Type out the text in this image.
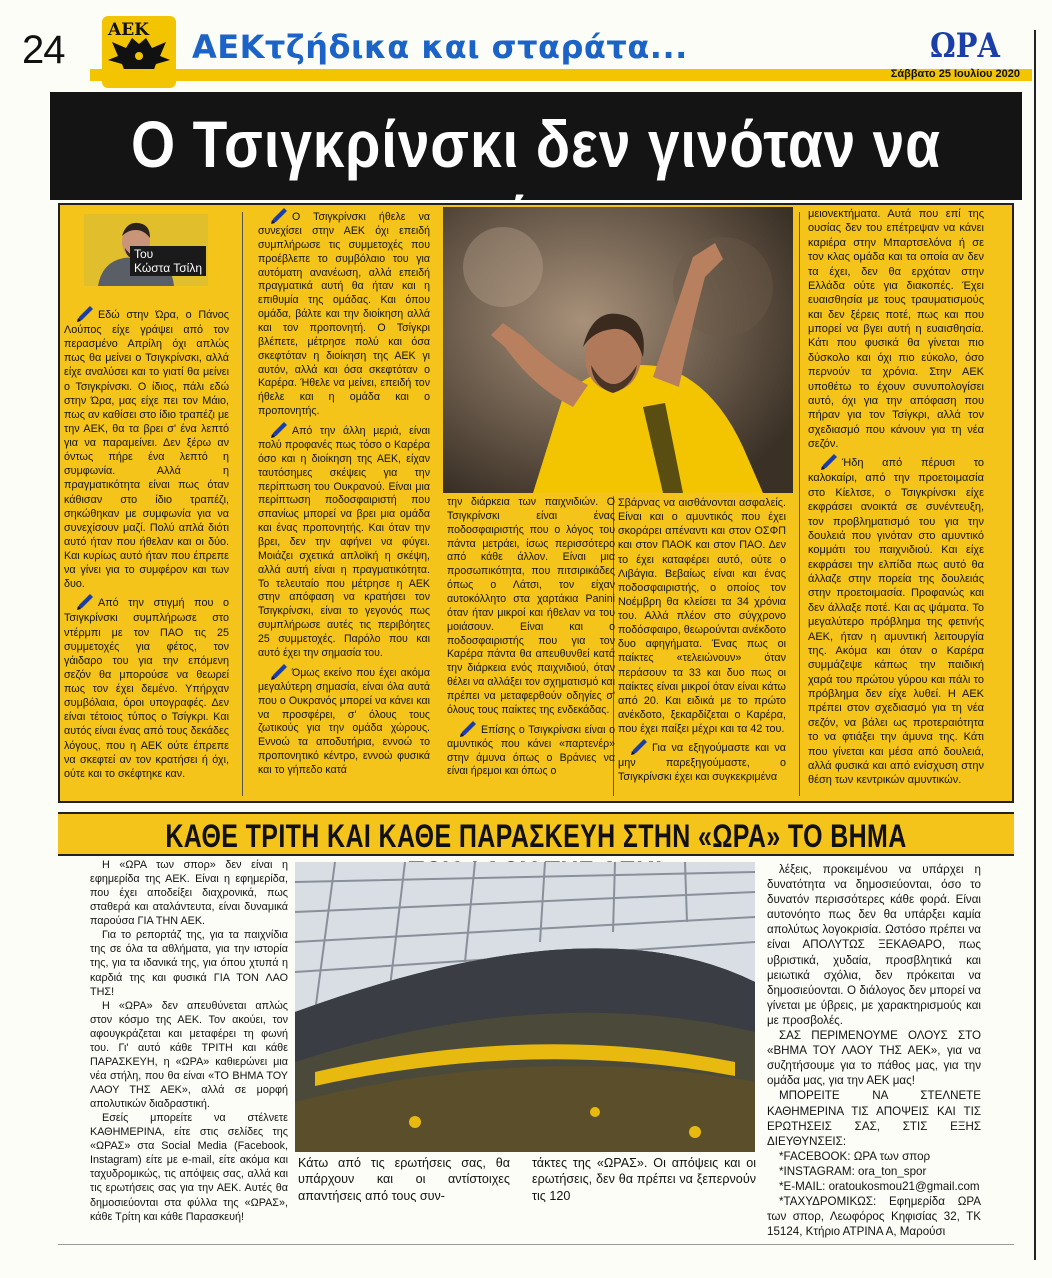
24	ΑΕΚ ΑΕΚτζήδικα και σταράτα...	ΩΡΑ
Σάββατο 25 Ιουλίου 2020
Ο Τσιγκρίνσκι δεν γινόταν να
Του
Κώστα Τσίλη

Εδώ στην Ώρα, ο Πάνος Λούπος είχε γράψει από τον περασμένο Απρίλη όχι απλώς πως θα μείνει ο Τσιγκρίνσκι, αλλά είχε αναλύσει και το γιατί θα μείνει ο Τσιγκρίνσκι. Ο ίδιος, πάλι εδώ στην Ώρα, μας είχε πει τον Μάιο, πως αν καθίσει στο ίδιο τραπέζι με την ΑΕΚ, θα τα βρει σ' ένα λεπτό για να παραμείνει. Δεν ξέρω αν όντως πήρε ένα λεπτό η συμφωνία. Αλλά η πραγματικότητα είναι πως όταν κάθισαν στο ίδιο τραπέζι, σηκώθηκαν με συμφωνία για να συνεχίσουν μαζί. Πολύ απλά διότι αυτό ήταν που ήθελαν και οι δύο. Και κυρίως αυτό ήταν που έπρεπε να γίνει για το συμφέρον και των δυο.

Από την στιγμή που ο Τσιγκρίνσκι συμπλήρωσε στο ντέρμπι με τον ΠΑΟ τις 25 συμμετοχές για φέτος, τον γάιδαρο του για την επόμενη σεζόν θα μπορούσε να θεωρεί πως τον έχει δεμένο. Υπήρχαν συμβόλαια, όροι υπογραφές. Δεν είναι τέτοιος τύπος ο Τσίγκρι. Και αυτός είναι ένας από τους δεκάδες λόγους, που η ΑΕΚ ούτε έπρεπε να σκεφτεί αν τον κρατήσει ή όχι, ούτε και το σκέφτηκε καν.

Ο Τσιγκρίνσκι ήθελε να συνεχίσει στην ΑΕΚ όχι επειδή συμπλήρωσε τις συμμετοχές που προέβλεπε το συμβόλαιο του για αυτόματη ανανέωση, αλλά επειδή πραγματικά αυτή θα ήταν και η επιθυμία της ομάδας. Και όπου ομάδα, βάλτε και την διοίκηση αλλά και τον προπονητή. Ο Τσίγκρι βλέπετε, μέτρησε πολύ και όσα σκεφτόταν η διοίκηση της ΑΕΚ γι αυτόν, αλλά και όσα σκεφτόταν ο Καρέρα. Ήθελε να μείνει, επειδή τον ήθελε και η ομάδα και ο προπονητής.

Από την άλλη μεριά, είναι πολύ προφανές πως τόσο ο Καρέρα όσο και η διοίκηση της ΑΕΚ, είχαν ταυτόσημες σκέψεις για την περίπτωση του Ουκρανού. Είναι μια περίπτωση ποδοσφαιριστή που σπανίως μπορεί να βρει μια ομάδα και ένας προπονητής. Και όταν την βρει, δεν την αφήνει να φύγει. Μοιάζει σχετικά απλοϊκή η σκέψη, αλλά αυτή είναι η πραγματικότητα. Το τελευταίο που μέτρησε η ΑΕΚ στην απόφαση να κρατήσει τον Τσιγκρίνσκι, είναι το γεγονός πως συμπλήρωσε αυτές τις περιβόητες 25 συμμετοχές. Παρόλο που και αυτό έχει την σημασία του.

Όμως εκείνο που έχει ακόμα μεγαλύτερη σημασία, είναι όλα αυτά που ο Ουκρανός μπορεί να κάνει και να προσφέρει, σ' όλους τους ζωτικούς για την ομάδα χώρους. Εννοώ τα αποδυτήρια, εννοώ το προπονητικό κέντρο, εννοώ φυσικά και το γήπεδο κατά

την διάρκεια των παιχνιδιών. Ο Τσιγκρίνσκι είναι ένας ποδοσφαιριστής που ο λόγος του πάντα μετράει, ίσως περισσότερο από κάθε άλλον. Είναι μια προσωπικότητα, που πιτσιρικάδες όπως ο Λάτσι, τον είχαν αυτοκόλλητο στα χαρτάκια Panini όταν ήταν μικροί και ήθελαν να του μοιάσουν. Είναι και ο ποδοσφαιριστής που για τον Καρέρα πάντα θα απευθυνθεί κατά την διάρκεια ενός παιχνιδιού, όταν θέλει να αλλάξει τον σχηματισμό και πρέπει να μεταφερθούν οδηγίες σ' όλους τους παίκτες της ενδεκάδας.

Επίσης ο Τσιγκρίνσκι είναι ο αμυντικός που κάνει «παρτενέρ» στην άμυνα όπως ο Βράνιες να είναι ήρεμοι και όπως ο

Σβάρνας να αισθάνονται ασφαλείς. Είναι και ο αμυντικός που έχει σκοράρει απέναντι και στον ΟΣΦΠ και στον ΠΑΟΚ και στον ΠΑΟ. Δεν το έχει καταφέρει αυτό, ούτε ο Λιβάγια. Βεβαίως είναι και ένας ποδοσφαιριστής, ο οποίος τον Νοέμβρη θα κλείσει τα 34 χρόνια του. Αλλά πλέον στο σύγχρονο ποδόσφαιρο, θεωρούνται ανέκδοτο δυο αφηγήματα. Ένας πως οι παίκτες «τελειώνουν» όταν περάσουν τα 33 και δυο πως οι παίκτες είναι μικροί όταν είναι κάτω από 20. Και ειδικά με το πρώτο ανέκδοτο, ξεκαρδίζεται ο Καρέρα, που έχει παίξει μέχρι και τα 42 του.

Για να εξηγούμαστε και να μην παρεξηγούμαστε, ο Τσιγκρίνσκι έχει και συγκεκριμένα

μειονεκτήματα. Αυτά που επί της ουσίας δεν του επέτρεψαν να κάνει καριέρα στην Μπαρτσελόνα ή σε τον κλας ομάδα και τα οποία αν δεν τα έχει, δεν θα ερχόταν στην Ελλάδα ούτε για διακοπές. Έχει ευαισθησία με τους τραυματισμούς και δεν ξέρεις ποτέ, πως και που μπορεί να βγει αυτή η ευαισθησία. Κάτι που φυσικά θα γίνεται πιο δύσκολο και όχι πιο εύκολο, όσο περνούν τα χρόνια. Στην ΑΕΚ υποθέτω το έχουν συνυπολογίσει αυτό, όχι για την απόφαση που πήραν για τον Τσίγκρι, αλλά τον σχεδιασμό που κάνουν για τη νέα σεζόν.

Ήδη από πέρυσι το καλοκαίρι, από την προετοιμασία στο Κίελτσε, ο Τσιγκρίνσκι είχε εκφράσει ανοικτά σε συνέντευξη, τον προβληματισμό του για την δουλειά που γινόταν στο αμυντικό κομμάτι του παιχνιδιού. Και είχε εκφράσει την ελπίδα πως αυτό θα άλλαζε στην πορεία της δουλειάς στην προετοιμασία. Προφανώς και δεν άλλαξε ποτέ. Και ας ψάματα. Το μεγαλύτερο πρόβλημα της φετινής ΑΕΚ, ήταν η αμυντική λειτουργία της. Ακόμα και όταν ο Καρέρα συμμάζεψε κάπως την παιδική χαρά του πρώτου γύρου και πάλι το πρόβλημα δεν είχε λυθεί. Η ΑΕΚ πρέπει στον σχεδιασμό για τη νέα σεζόν, να βάλει ως προτεραιότητα το να φτιάξει την άμυνα της. Κάτι που γίνεται και μέσα από δουλειά, αλλά φυσικά και από ενίσχυση στην θέση των κεντρικών αμυντικών.

ΚΑΘΕ ΤΡΙΤΗ ΚΑΙ ΚΑΘΕ ΠΑΡΑΣΚΕΥΗ ΣΤΗΝ «ΩΡΑ» ΤΟ ΒΗΜΑ

Η «ΩΡΑ των σπορ» δεν είναι η εφημερίδα της ΑΕΚ. Είναι η εφημερίδα, που έχει αποδείξει διαχρονικά, πως σταθερά και αταλάντευτα, είναι δυναμικά παρούσα ΓΙΑ ΤΗΝ ΑΕΚ.

Για το ρεπορτάζ της, για τα παιχνίδια της σε όλα τα αθλήματα, για την ιστορία της, για τα ιδανικά της, για όπου χτυπά η καρδιά της και φυσικά ΓΙΑ ΤΟΝ ΛΑΟ ΤΗΣ!

Η «ΩΡΑ» δεν απευθύνεται απλώς στον κόσμο της ΑΕΚ. Τον ακούει, τον αφουγκράζεται και μεταφέρει τη φωνή του. Γι' αυτό κάθε ΤΡΙΤΗ και κάθε ΠΑΡΑΣΚΕΥΗ, η «ΩΡΑ» καθιερώνει μια νέα στήλη, που θα είναι «ΤΟ ΒΗΜΑ ΤΟΥ ΛΑΟΥ ΤΗΣ ΑΕΚ», αλλά σε μορφή απολυτικών διαδραστική.

Εσείς μπορείτε να στέλνετε ΚΑΘΗΜΕΡΙΝΑ, είτε στις σελίδες της «ΩΡΑΣ» στα Social Media (Facebook, Instagram) είτε με e-mail, είτε ακόμα και ταχυδρομικώς, τις απόψεις σας, αλλά και τις ερωτήσεις σας για την ΑΕΚ. Αυτές θα δημοσιεύονται στα φύλλα της «ΩΡΑΣ», κάθε Τρίτη και κάθε Παρασκευή!

Κάτω από τις ερωτήσεις σας, θα υπάρχουν και οι αντίστοιχες απαντήσεις από τους συν-

τάκτες της «ΩΡΑΣ». Οι απόψεις και οι ερωτήσεις, δεν θα πρέπει να ξεπερνούν τις 120

λέξεις, προκειμένου να υπάρχει η δυνατότητα να δημοσιεύονται, όσο το δυνατόν περισσότερες κάθε φορά. Είναι αυτονόητο πως δεν θα υπάρξει καμία απολύτως λογοκρισία. Ωστόσο πρέπει να είναι ΑΠΟΛΥΤΩΣ ΞΕΚΑΘΑΡΟ, πως υβριστικά, χυδαία, προσβλητικά και μειωτικά σχόλια, δεν πρόκειται να δημοσιεύονται. Ο διάλογος δεν μπορεί να γίνεται με ύβρεις, με χαρακτηρισμούς και με προσβολές.

ΣΑΣ ΠΕΡΙΜΕΝΟΥΜΕ ΟΛΟΥΣ ΣΤΟ «ΒΗΜΑ ΤΟΥ ΛΑΟΥ ΤΗΣ ΑΕΚ», για να συζητήσουμε για το πάθος μας, για την ομάδα μας, για την ΑΕΚ μας!

ΜΠΟΡΕΙΤΕ ΝΑ ΣΤΕΛΝΕΤΕ ΚΑΘΗΜΕΡΙΝΑ ΤΙΣ ΑΠΟΨΕΙΣ ΚΑΙ ΤΙΣ ΕΡΩΤΗΣΕΙΣ ΣΑΣ, ΣΤΙΣ ΕΞΗΣ ΔΙΕΥΘΥΝΣΕΙΣ:

*FACEBOOK: ΩΡΑ των σπορ

*INSTAGRAM: ora_ton_spor

*E-MAIL: oratoukosmou21@gmail.com

*ΤΑΧΥΔΡΟΜΙΚΩΣ: Εφημερίδα ΩΡΑ των σπορ, Λεωφόρος Κηφισίας 32, ΤΚ 15124, Κτήριο ΑΤΡΙΝΑ Α, Μαρούσι
